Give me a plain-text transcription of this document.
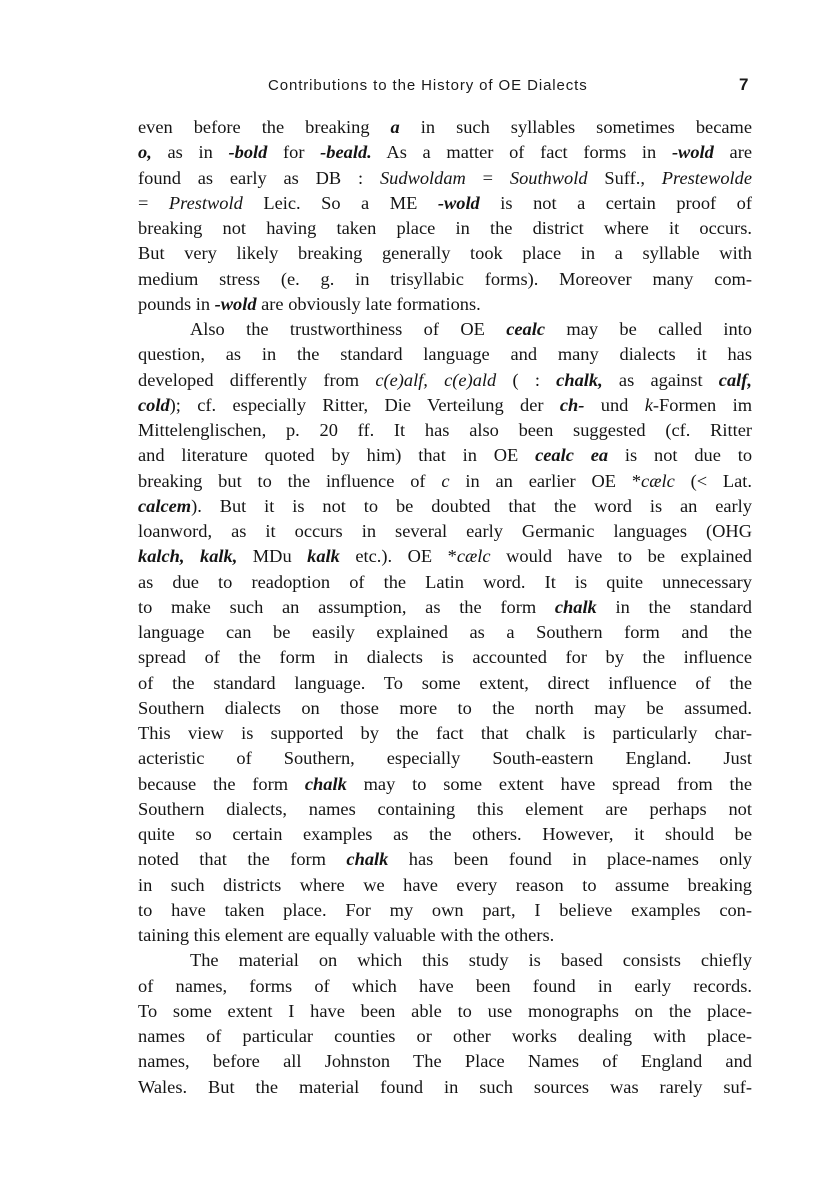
Contributions to the History of OE Dialects	7
even before the breaking a in such syllables sometimes became
o, as in -bold for -beald. As a matter of fact forms in -wold are
found as early as DB : Sudwoldam = Southwold Suff., Prestewolde
= Prestwold Leic. So a ME -wold is not a certain proof of
breaking not having taken place in the district where it occurs.
But very likely breaking generally took place in a syllable with
medium stress (e. g. in trisyllabic forms). Moreover many com-
pounds in -wold are obviously late formations.
Also the trustworthiness of OE cealc may be called into
question, as in the standard language and many dialects it has
developed differently from c(e)alf, c(e)ald ( : chalk, as against calf,
cold); cf. especially Ritter, Die Verteilung der ch- und k-Formen im
Mittelenglischen, p. 20 ff. It has also been suggested (cf. Ritter
and literature quoted by him) that in OE cealc ea is not due to
breaking but to the influence of c in an earlier OE *cælc (< Lat.
calcem). But it is not to be doubted that the word is an early
loanword, as it occurs in several early Germanic languages (OHG
kalch, kalk, MDu kalk etc.). OE *cælc would have to be explained
as due to readoption of the Latin word. It is quite unnecessary
to make such an assumption, as the form chalk in the standard
language can be easily explained as a Southern form and the
spread of the form in dialects is accounted for by the influence
of the standard language. To some extent, direct influence of the
Southern dialects on those more to the north may be assumed.
This view is supported by the fact that chalk is particularly char-
acteristic of Southern, especially South-eastern England. Just
because the form chalk may to some extent have spread from the
Southern dialects, names containing this element are perhaps not
quite so certain examples as the others. However, it should be
noted that the form chalk has been found in place-names only
in such districts where we have every reason to assume breaking
to have taken place. For my own part, I believe examples con-
taining this element are equally valuable with the others.
The material on which this study is based consists chiefly
of names, forms of which have been found in early records.
To some extent I have been able to use monographs on the place-
names of particular counties or other works dealing with place-
names, before all Johnston The Place Names of England and
Wales. But the material found in such sources was rarely suf-
